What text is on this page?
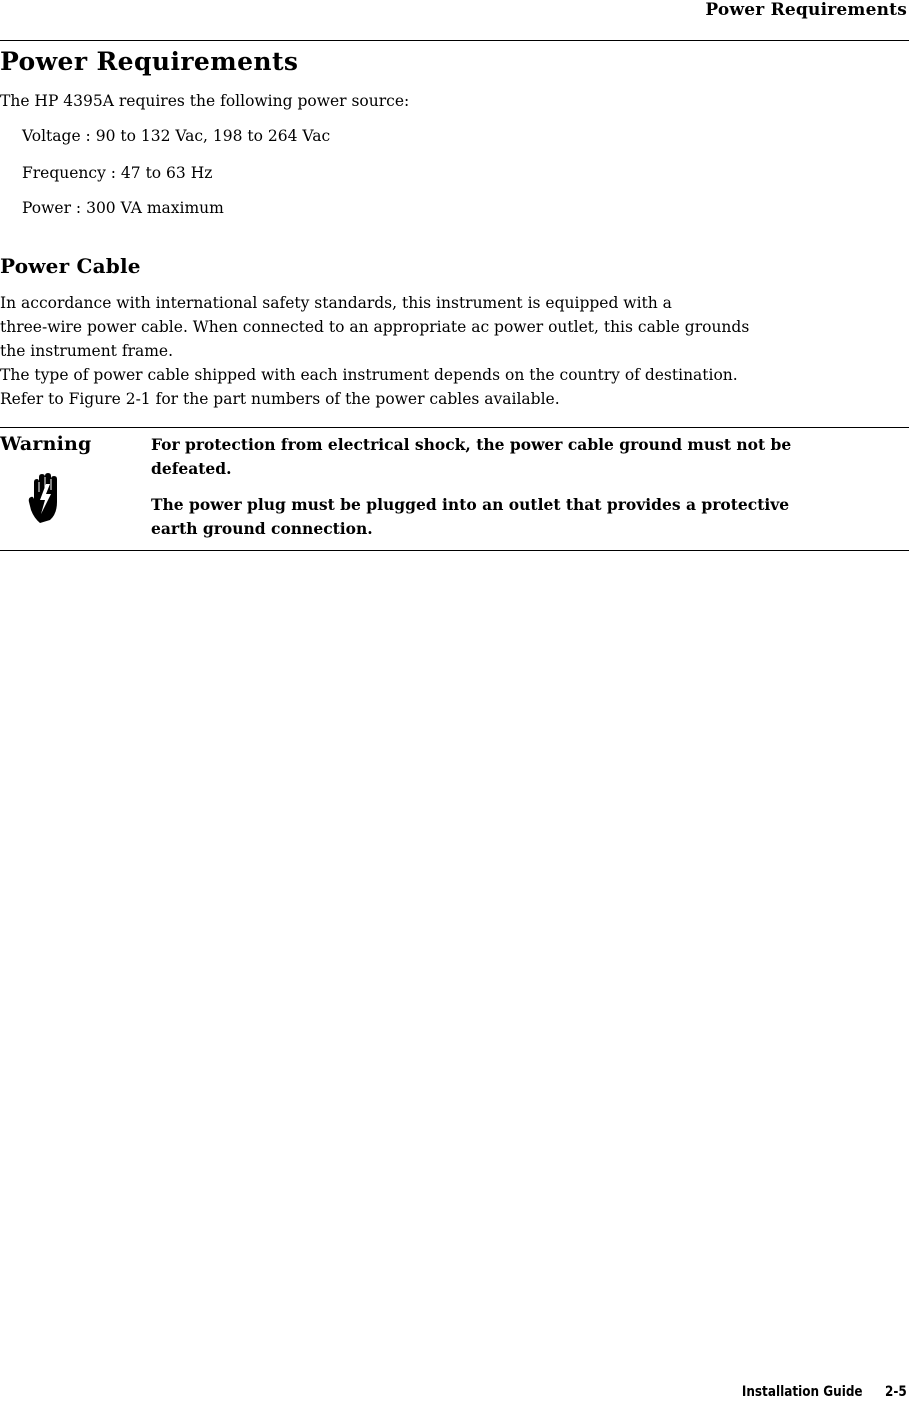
Power Requirements
Power Requirements
The HP 4395A requires the following power source:
Voltage : 90 to 132 Vac, 198 to 264 Vac
Frequency : 47 to 63 Hz
Power : 300 VA maximum
Power Cable
In accordance with international safety standards, this instrument is equipped with a
three-wire power cable. When connected to an appropriate ac power outlet, this cable grounds
the instrument frame.
The type of power cable shipped with each instrument depends on the country of destination.
Refer to Figure 2-1 for the part numbers of the power cables available.
Warning	For protection from electrical shock, the power cable ground must not be
defeated.
The power plug must be plugged into an outlet that provides a protective
earth ground connection.
Installation Guide 2-5
